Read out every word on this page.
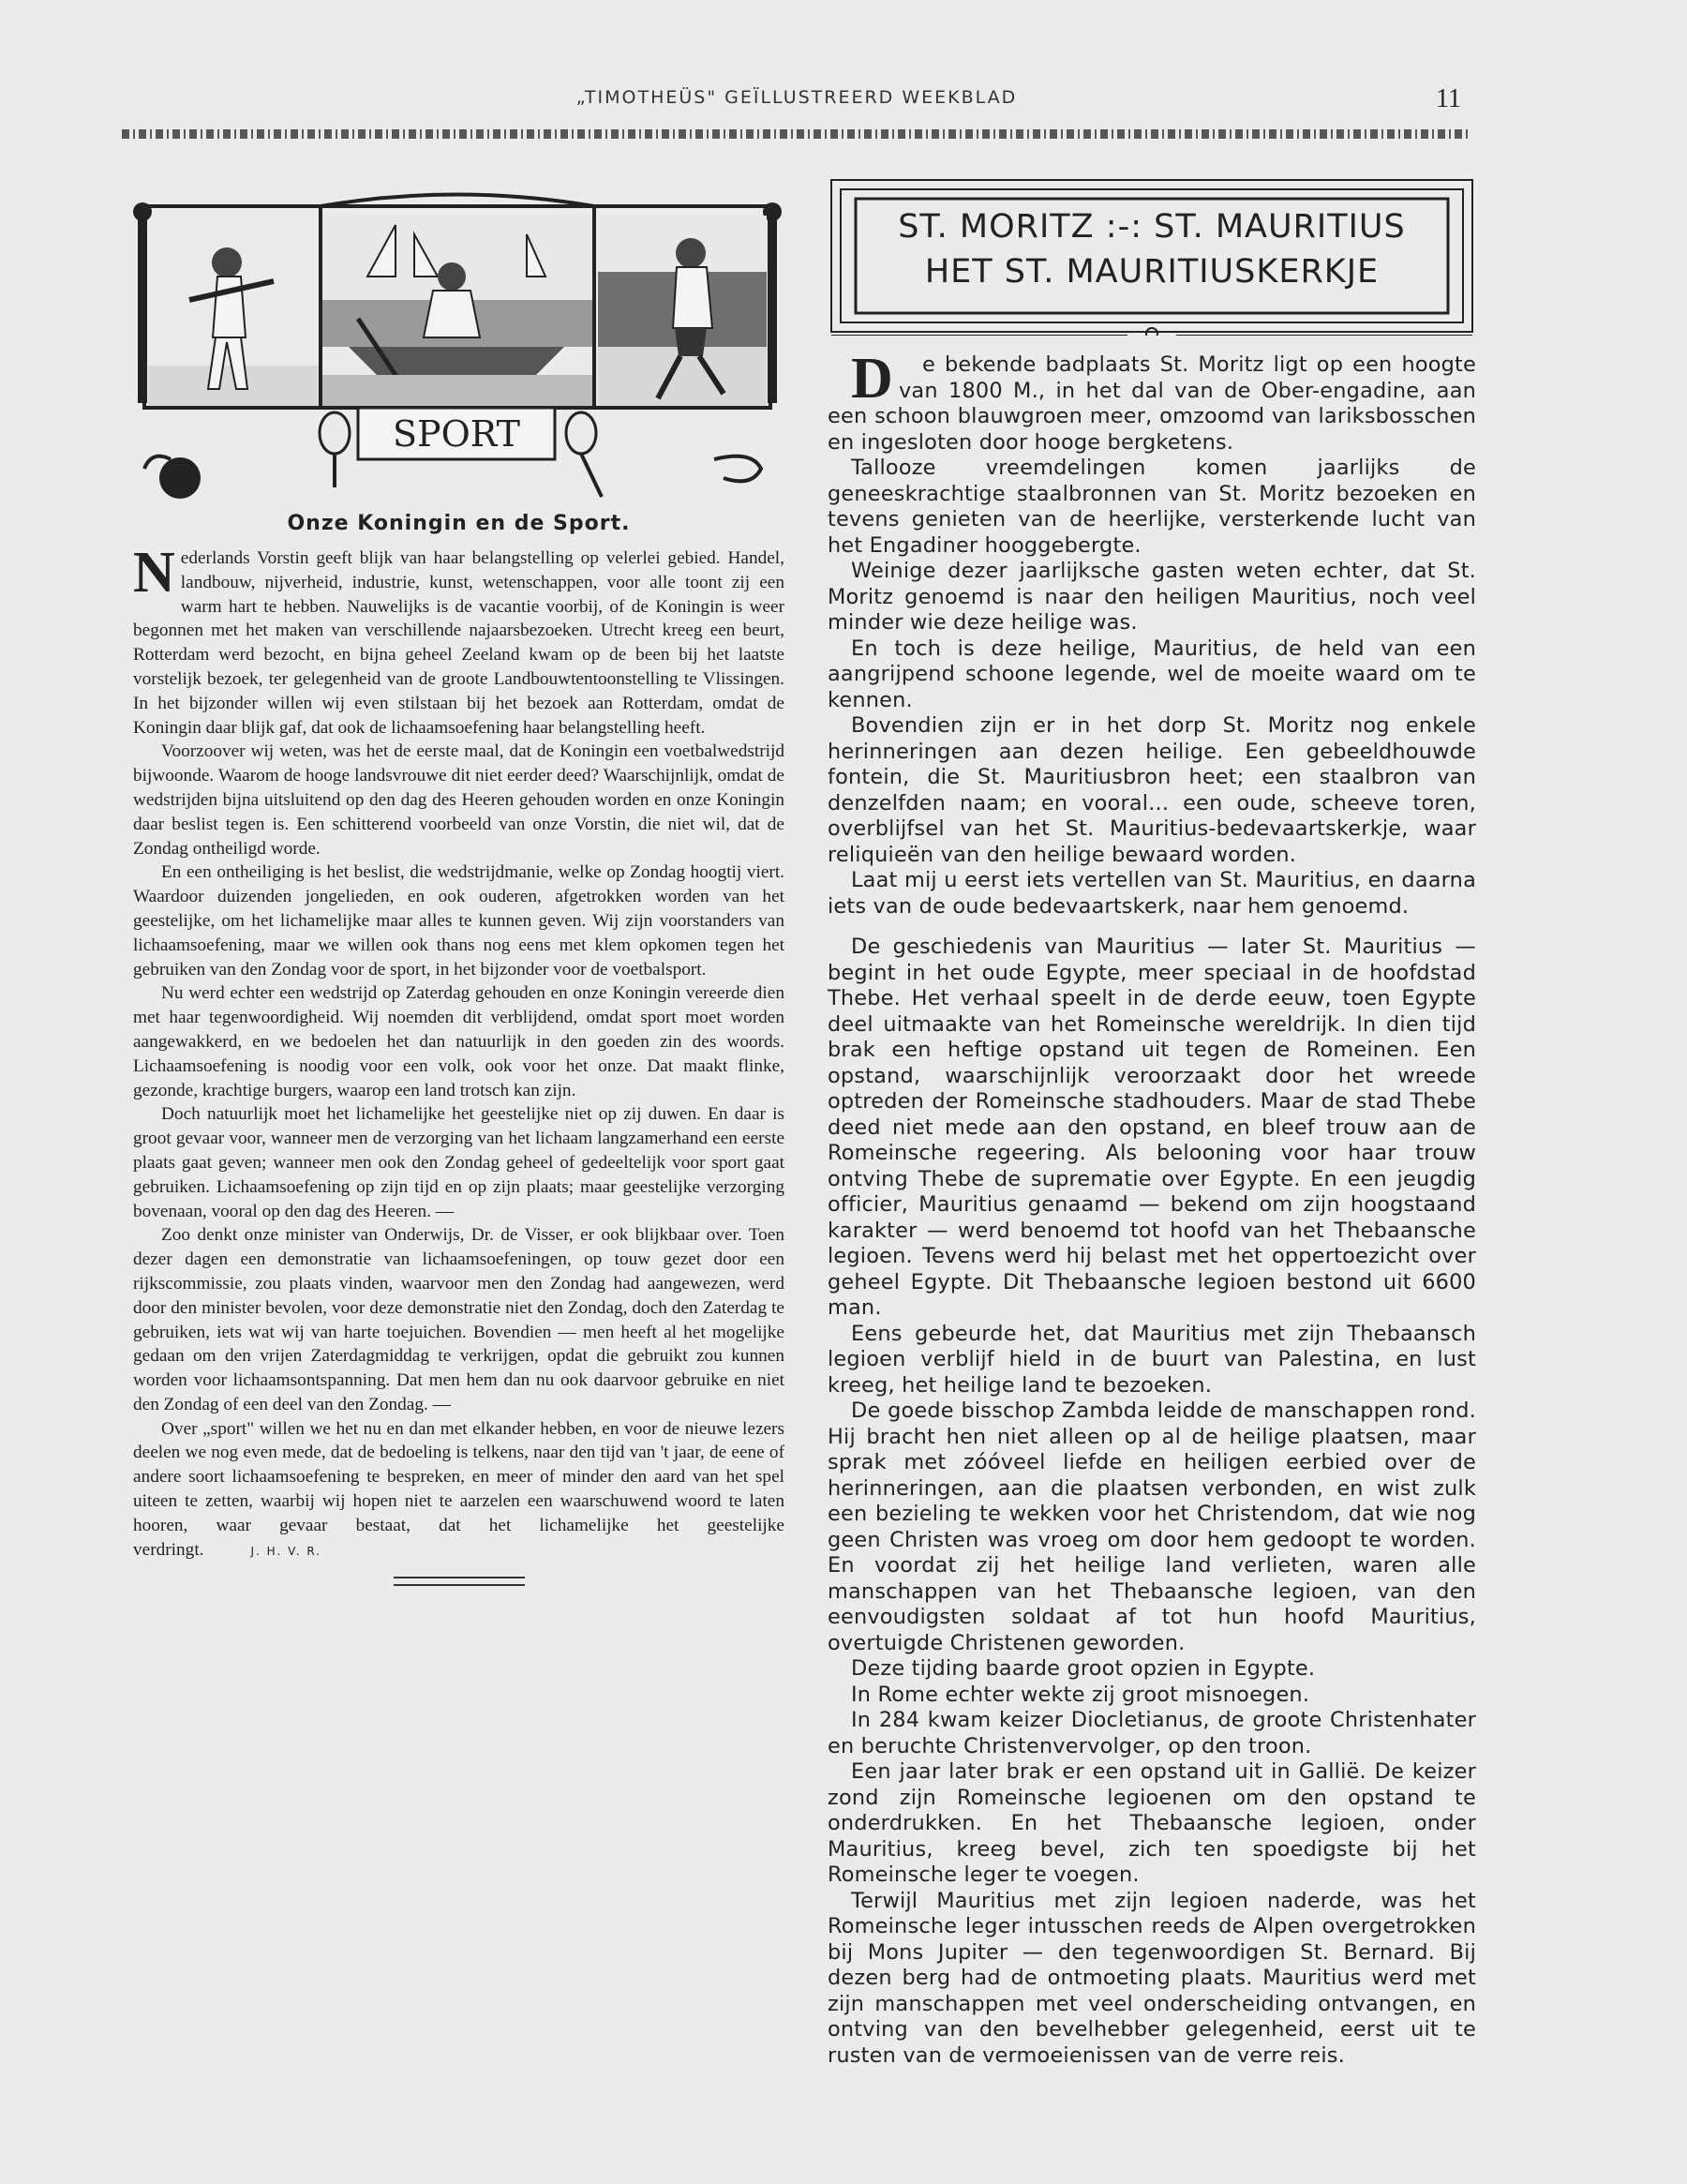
„TIMOTHEÜS" GEÏLLUSTREERD WEEKBLAD	11
SPORT
Onze Koningin en de Sport.

Nederlands Vorstin geeft blijk van haar belangstelling op velerlei gebied. Handel, landbouw, nijverheid, industrie, kunst, wetenschappen, voor alle toont zij een warm hart te hebben. Nauwelijks is de vacantie voorbij, of de Koningin is weer begonnen met het maken van verschillende najaarsbezoeken. Utrecht kreeg een beurt, Rotterdam werd bezocht, en bijna geheel Zeeland kwam op de been bij het laatste vorstelijk bezoek, ter gelegenheid van de groote Landbouwtentoonstelling te Vlissingen. In het bijzonder willen wij even stilstaan bij het bezoek aan Rotterdam, omdat de Koningin daar blijk gaf, dat ook de lichaamsoefening haar belangstelling heeft.

Voorzoover wij weten, was het de eerste maal, dat de Koningin een voetbalwedstrijd bijwoonde. Waarom de hooge landsvrouwe dit niet eerder deed? Waarschijnlijk, omdat de wedstrijden bijna uitsluitend op den dag des Heeren gehouden worden en onze Koningin daar beslist tegen is. Een schitterend voorbeeld van onze Vorstin, die niet wil, dat de Zondag ontheiligd worde.

En een ontheiliging is het beslist, die wedstrijdmanie, welke op Zondag hoogtij viert. Waardoor duizenden jongelieden, en ook ouderen, afgetrokken worden van het geestelijke, om het lichamelijke maar alles te kunnen geven. Wij zijn voorstanders van lichaamsoefening, maar we willen ook thans nog eens met klem opkomen tegen het gebruiken van den Zondag voor de sport, in het bijzonder voor de voetbalsport.

Nu werd echter een wedstrijd op Zaterdag gehouden en onze Koningin vereerde dien met haar tegenwoordigheid. Wij noemden dit verblijdend, omdat sport moet worden aangewakkerd, en we bedoelen het dan natuurlijk in den goeden zin des woords. Lichaamsoefening is noodig voor een volk, ook voor het onze. Dat maakt flinke, gezonde, krachtige burgers, waarop een land trotsch kan zijn.

Doch natuurlijk moet het lichamelijke het geestelijke niet op zij duwen. En daar is groot gevaar voor, wanneer men de verzorging van het lichaam langzamerhand een eerste plaats gaat geven; wanneer men ook den Zondag geheel of gedeeltelijk voor sport gaat gebruiken. Lichaamsoefening op zijn tijd en op zijn plaats; maar geestelijke verzorging bovenaan, vooral op den dag des Heeren. —

Zoo denkt onze minister van Onderwijs, Dr. de Visser, er ook blijkbaar over. Toen dezer dagen een demonstratie van lichaamsoefeningen, op touw gezet door een rijkscommissie, zou plaats vinden, waarvoor men den Zondag had aangewezen, werd door den minister bevolen, voor deze demonstratie niet den Zondag, doch den Zaterdag te gebruiken, iets wat wij van harte toejuichen. Bovendien — men heeft al het mogelijke gedaan om den vrijen Zaterdagmiddag te verkrijgen, opdat die gebruikt zou kunnen worden voor lichaamsontspanning. Dat men hem dan nu ook daarvoor gebruike en niet den Zondag of een deel van den Zondag. —

Over „sport" willen we het nu en dan met elkander hebben, en voor de nieuwe lezers deelen we nog even mede, dat de bedoeling is telkens, naar den tijd van 't jaar, de eene of andere soort lichaamsoefening te bespreken, en meer of minder den aard van het spel uiteen te zetten, waarbij wij hopen niet te aarzelen een waarschuwend woord te laten hooren, waar gevaar bestaat, dat het lichamelijke het geestelijke verdringt.	J. H. V. R.

ST. MORITZ :-: ST. MAURITIUS
HET ST. MAURITIUSKERKJE

D e bekende badplaats St. Moritz ligt op een hoogte van 1800 M., in het dal van de Ober-engadine, aan een schoon blauwgroen meer, omzoomd van lariksbosschen en ingesloten door hooge bergketens.

Tallooze vreemdelingen komen jaarlijks de geneeskrachtige staalbronnen van St. Moritz bezoeken en tevens genieten van de heerlijke, versterkende lucht van het Engadiner hooggebergte.

Weinige dezer jaarlijksche gasten weten echter, dat St. Moritz genoemd is naar den heiligen Mauritius, noch veel minder wie deze heilige was.

En toch is deze heilige, Mauritius, de held van een aangrijpend schoone legende, wel de moeite waard om te kennen.

Bovendien zijn er in het dorp St. Moritz nog enkele herinneringen aan dezen heilige. Een gebeeldhouwde fontein, die St. Mauritiusbron heet; een staalbron van denzelfden naam; en vooral... een oude, scheeve toren, overblijfsel van het St. Mauritius-bedevaartskerkje, waar reliquieën van den heilige bewaard worden.

Laat mij u eerst iets vertellen van St. Mauritius, en daarna iets van de oude bedevaartskerk, naar hem genoemd.

De geschiedenis van Mauritius — later St. Mauritius — begint in het oude Egypte, meer speciaal in de hoofdstad Thebe. Het verhaal speelt in de derde eeuw, toen Egypte deel uitmaakte van het Romeinsche wereldrijk. In dien tijd brak een heftige opstand uit tegen de Romeinen. Een opstand, waarschijnlijk veroorzaakt door het wreede optreden der Romeinsche stadhouders. Maar de stad Thebe deed niet mede aan den opstand, en bleef trouw aan de Romeinsche regeering. Als belooning voor haar trouw ontving Thebe de suprematie over Egypte. En een jeugdig officier, Mauritius genaamd — bekend om zijn hoogstaand karakter — werd benoemd tot hoofd van het Thebaansche legioen. Tevens werd hij belast met het oppertoezicht over geheel Egypte. Dit Thebaansche legioen bestond uit 6600 man.

Eens gebeurde het, dat Mauritius met zijn Thebaansch legioen verblijf hield in de buurt van Palestina, en lust kreeg, het heilige land te bezoeken.

De goede bisschop Zambda leidde de manschappen rond. Hij bracht hen niet alleen op al de heilige plaatsen, maar sprak met zóóveel liefde en heiligen eerbied over de herinneringen, aan die plaatsen verbonden, en wist zulk een bezieling te wekken voor het Christendom, dat wie nog geen Christen was vroeg om door hem gedoopt te worden. En voordat zij het heilige land verlieten, waren alle manschappen van het Thebaansche legioen, van den eenvoudigsten soldaat af tot hun hoofd Mauritius, overtuigde Christenen geworden.

Deze tijding baarde groot opzien in Egypte.

In Rome echter wekte zij groot misnoegen.

In 284 kwam keizer Diocletianus, de groote Christenhater en beruchte Christenvervolger, op den troon.

Een jaar later brak er een opstand uit in Gallië. De keizer zond zijn Romeinsche legioenen om den opstand te onderdrukken. En het Thebaansche legioen, onder Mauritius, kreeg bevel, zich ten spoedigste bij het Romeinsche leger te voegen.

Terwijl Mauritius met zijn legioen naderde, was het Romeinsche leger intusschen reeds de Alpen overgetrokken bij Mons Jupiter — den tegenwoordigen St. Bernard. Bij dezen berg had de ontmoeting plaats. Mauritius werd met zijn manschappen met veel onderscheiding ontvangen, en ontving van den bevelhebber gelegenheid, eerst uit te rusten van de vermoeienissen van de verre reis.
